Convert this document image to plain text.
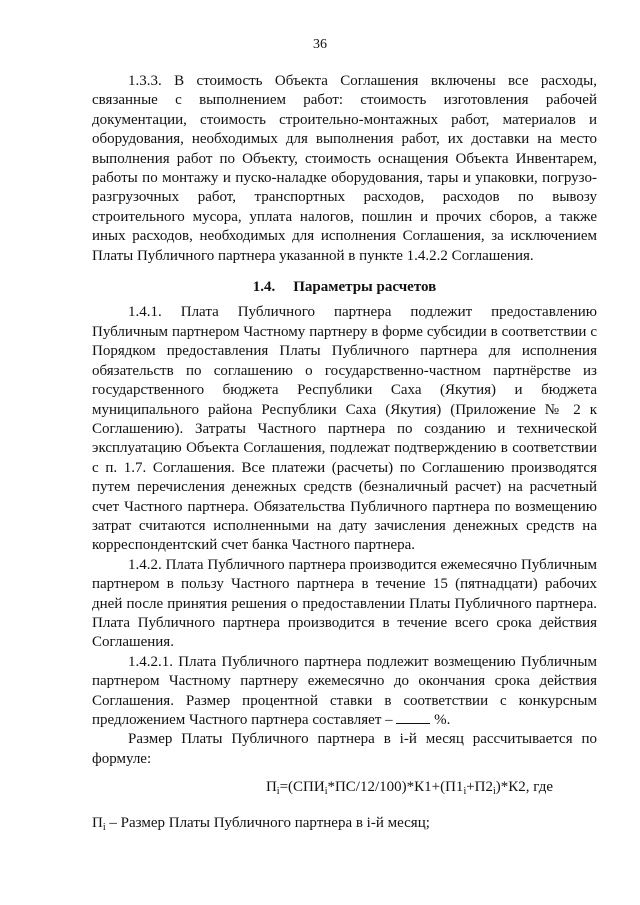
36

1.3.3. В стоимость Объекта Соглашения включены все расходы, связанные с выполнением работ: стоимость изготовления рабочей документации, стоимость строительно-монтажных работ, материалов и оборудования, необходимых для выполнения работ, их доставки на место выполнения работ по Объекту, стоимость оснащения Объекта Инвентарем, работы по монтажу и пуско-наладке оборудования, тары и упаковки, погрузо-разгрузочных работ, транспортных расходов, расходов по вывозу строительного мусора, уплата налогов, пошлин и прочих сборов, а также иных расходов, необходимых для исполнения Соглашения, за исключением Платы Публичного партнера указанной в пункте 1.4.2.2 Соглашения.

1.4. Параметры расчетов

1.4.1. Плата Публичного партнера подлежит предоставлению Публичным партнером Частному партнеру в форме субсидии в соответствии с Порядком предоставления Платы Публичного партнера для исполнения обязательств по соглашению о государственно-частном партнёрстве из государственного бюджета Республики Саха (Якутия) и бюджета муниципального района Республики Саха (Якутия) (Приложение № 2 к Соглашению). Затраты Частного партнера по созданию и технической эксплуатацию Объекта Соглашения, подлежат подтверждению в соответствии с п. 1.7. Соглашения. Все платежи (расчеты) по Соглашению производятся путем перечисления денежных средств (безналичный расчет) на расчетный счет Частного партнера. Обязательства Публичного партнера по возмещению затрат считаются исполненными на дату зачисления денежных средств на корреспондентский счет банка Частного партнера.

1.4.2. Плата Публичного партнера производится ежемесячно Публичным партнером в пользу Частного партнера в течение 15 (пятнадцати) рабочих дней после принятия решения о предоставлении Платы Публичного партнера. Плата Публичного партнера производится в течение всего срока действия Соглашения.

1.4.2.1. Плата Публичного партнера подлежит возмещению Публичным партнером Частному партнеру ежемесячно до окончания срока действия Соглашения. Размер процентной ставки в соответствии с конкурсным предложением Частного партнера составляет –	%.

Размер Платы Публичного партнера в i-й месяц рассчитывается по формуле:

$П_i=(СПИ_i*ПС/12/100)*К1+(П1_i+П2_i)*К2$, где

$П_i$ – Размер Платы Публичного партнера в i-й месяц;
